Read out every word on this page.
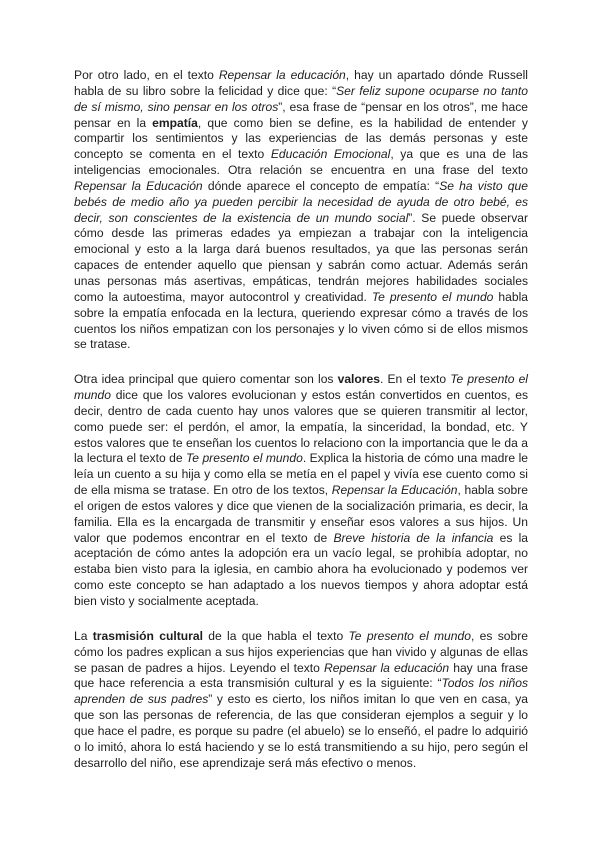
Por otro lado, en el texto Repensar la educación, hay un apartado dónde Russell habla de su libro sobre la felicidad y dice que: “Ser feliz supone ocuparse no tanto de sí mismo, sino pensar en los otros”, esa frase de “pensar en los otros”, me hace pensar en la empatía, que como bien se define, es la habilidad de entender y compartir los sentimientos y las experiencias de las demás personas y este concepto se comenta en el texto Educación Emocional, ya que es una de las inteligencias emocionales. Otra relación se encuentra en una frase del texto Repensar la Educación dónde aparece el concepto de empatía: “Se ha visto que bebés de medio año ya pueden percibir la necesidad de ayuda de otro bebé, es decir, son conscientes de la existencia de un mundo social”. Se puede observar cómo desde las primeras edades ya empiezan a trabajar con la inteligencia emocional y esto a la larga dará buenos resultados, ya que las personas serán capaces de entender aquello que piensan y sabrán como actuar. Además serán unas personas más asertivas, empáticas, tendrán mejores habilidades sociales como la autoestima, mayor autocontrol y creatividad. Te presento el mundo habla sobre la empatía enfocada en la lectura, queriendo expresar cómo a través de los cuentos los niños empatizan con los personajes y lo viven cómo si de ellos mismos se tratase.

Otra idea principal que quiero comentar son los valores. En el texto Te presento el mundo dice que los valores evolucionan y estos están convertidos en cuentos, es decir, dentro de cada cuento hay unos valores que se quieren transmitir al lector, como puede ser: el perdón, el amor, la empatía, la sinceridad, la bondad, etc. Y estos valores que te enseñan los cuentos lo relaciono con la importancia que le da a la lectura el texto de Te presento el mundo. Explica la historia de cómo una madre le leía un cuento a su hija y como ella se metía en el papel y vivía ese cuento como si de ella misma se tratase. En otro de los textos, Repensar la Educación, habla sobre el origen de estos valores y dice que vienen de la socialización primaria, es decir, la familia. Ella es la encargada de transmitir y enseñar esos valores a sus hijos. Un valor que podemos encontrar en el texto de Breve historia de la infancia es la aceptación de cómo antes la adopción era un vacío legal, se prohibía adoptar, no estaba bien visto para la iglesia, en cambio ahora ha evolucionado y podemos ver como este concepto se han adaptado a los nuevos tiempos y ahora adoptar está bien visto y socialmente aceptada.

La trasmisión cultural de la que habla el texto Te presento el mundo, es sobre cómo los padres explican a sus hijos experiencias que han vivido y algunas de ellas se pasan de padres a hijos. Leyendo el texto Repensar la educación hay una frase que hace referencia a esta transmisión cultural y es la siguiente: “Todos los niños aprenden de sus padres” y esto es cierto, los niños imitan lo que ven en casa, ya que son las personas de referencia, de las que consideran ejemplos a seguir y lo que hace el padre, es porque su padre (el abuelo) se lo enseñó, el padre lo adquirió o lo imitó, ahora lo está haciendo y se lo está transmitiendo a su hijo, pero según el desarrollo del niño, ese aprendizaje será más efectivo o menos.
